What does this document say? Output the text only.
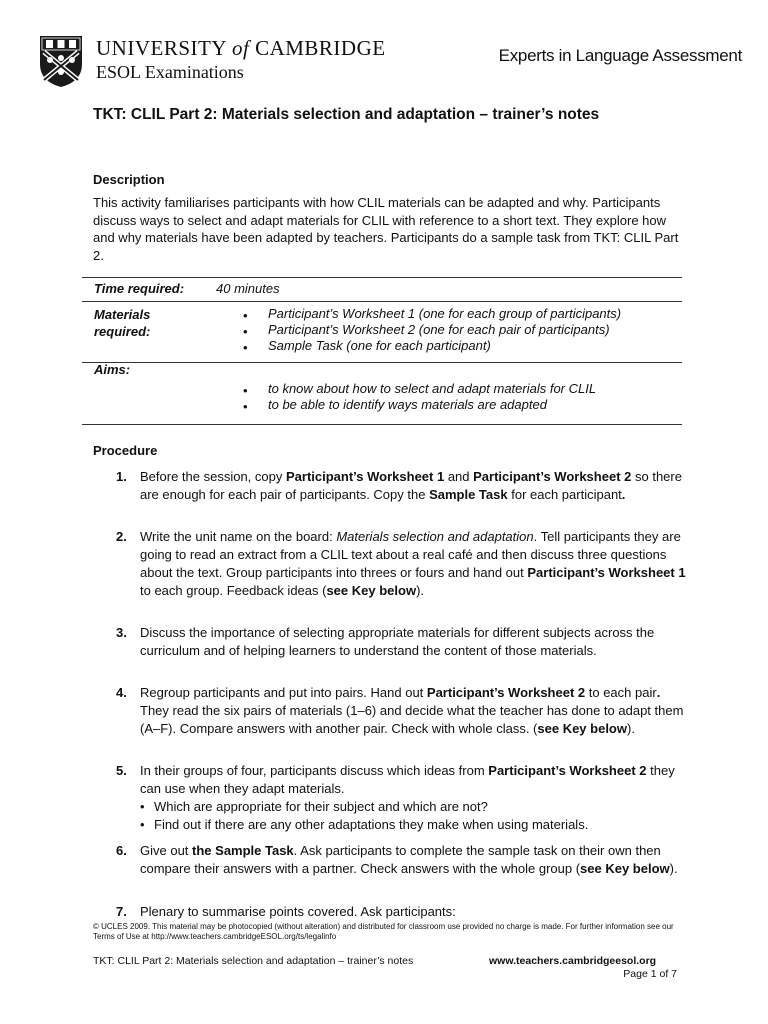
UNIVERSITY of CAMBRIDGE
ESOL Examinations
Experts in Language Assessment
TKT: CLIL Part 2: Materials selection and adaptation – trainer’s notes
Description
This activity familiarises participants with how CLIL materials can be adapted and why. Participants discuss ways to select and adapt materials for CLIL with reference to a short text. They explore how and why materials have been adapted by teachers. Participants do a sample task from TKT: CLIL Part 2.
Time required: 40 minutes
Materials required:
• Participant’s Worksheet 1 (one for each group of participants)
• Participant’s Worksheet 2 (one for each pair of participants)
• Sample Task (one for each participant)
Aims:
• to know about how to select and adapt materials for CLIL
• to be able to identify ways materials are adapted
Procedure
1. Before the session, copy Participant’s Worksheet 1 and Participant’s Worksheet 2 so there are enough for each pair of participants. Copy the Sample Task for each participant.
2. Write the unit name on the board: Materials selection and adaptation. Tell participants they are going to read an extract from a CLIL text about a real café and then discuss three questions about the text. Group participants into threes or fours and hand out Participant’s Worksheet 1 to each group. Feedback ideas (see Key below).
3. Discuss the importance of selecting appropriate materials for different subjects across the curriculum and of helping learners to understand the content of those materials.
4. Regroup participants and put into pairs. Hand out Participant’s Worksheet 2 to each pair. They read the six pairs of materials (1–6) and decide what the teacher has done to adapt them (A–F). Compare answers with another pair. Check with whole class. (see Key below).
5. In their groups of four, participants discuss which ideas from Participant’s Worksheet 2 they can use when they adapt materials.
• Which are appropriate for their subject and which are not?
• Find out if there are any other adaptations they make when using materials.
6. Give out the Sample Task. Ask participants to complete the sample task on their own then compare their answers with a partner. Check answers with the whole group (see Key below).
7. Plenary to summarise points covered. Ask participants:
© UCLES 2009. This material may be photocopied (without alteration) and distributed for classroom use provided no charge is made. For further information see our Terms of Use at http://www.teachers.cambridgeESOL.org/ts/legalinfo
TKT: CLIL Part 2: Materials selection and adaptation – trainer’s notes	www.teachers.cambridgeesol.org
Page 1 of 7
